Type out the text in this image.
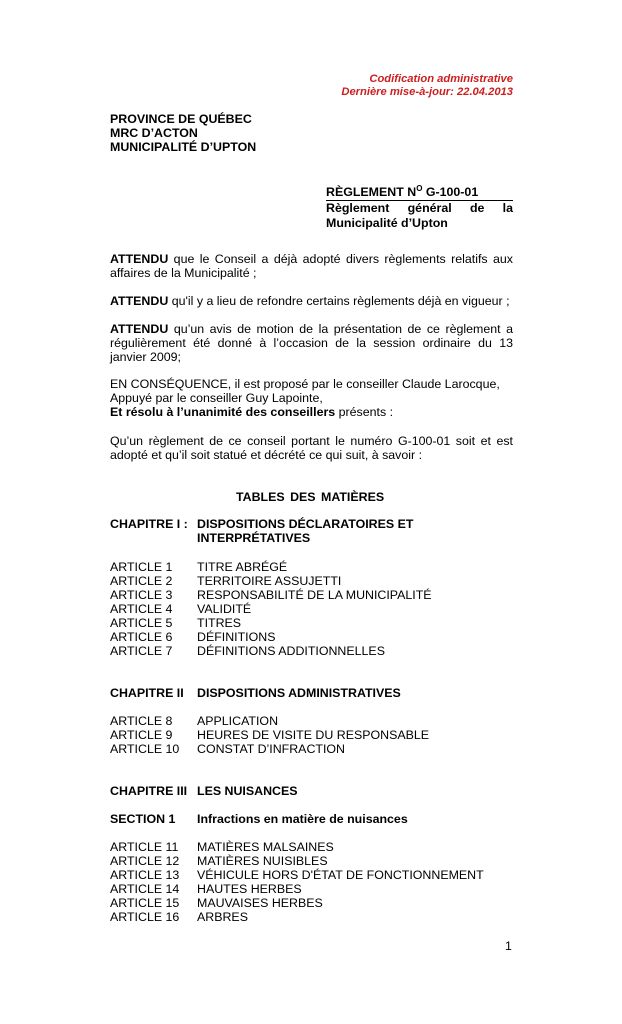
Codification administrative
Dernière mise-à-jour: 22.04.2013
PROVINCE DE QUÉBEC
MRC D’ACTON
MUNICIPALITÉ D’UPTON
RÈGLEMENT $N^O$ G-100-01
Règlement général de la
Municipalité d’Upton
ATTENDU que le Conseil a déjà adopté divers règlements relatifs aux affaires de la Municipalité ;
ATTENDU qu'il y a lieu de refondre certains règlements déjà en vigueur ;
ATTENDU qu’un avis de motion de la présentation de ce règlement a régulièrement été donné à l’occasion de la session ordinaire du 13 janvier 2009;
EN CONSÉQUENCE, il est proposé par le conseiller Claude Larocque,
Appuyé par le conseiller Guy Lapointe,
Et résolu à l’unanimité des conseillers présents :
Qu’un règlement de ce conseil portant le numéro G-100-01 soit et est adopté et qu’il soit statué et décrété ce qui suit, à savoir :
TABLES DES MATIÈRES
CHAPITRE I : DISPOSITIONS DÉCLARATOIRES ET
INTERPRÉTATIVES
ARTICLE 1 TITRE ABRÉGÉ
ARTICLE 2 TERRITOIRE ASSUJETTI
ARTICLE 3 RESPONSABILITÉ DE LA MUNICIPALITÉ
ARTICLE 4 VALIDITÉ
ARTICLE 5 TITRES
ARTICLE 6 DÉFINITIONS
ARTICLE 7 DÉFINITIONS ADDITIONNELLES
CHAPITRE II DISPOSITIONS ADMINISTRATIVES
ARTICLE 8 APPLICATION
ARTICLE 9 HEURES DE VISITE DU RESPONSABLE
ARTICLE 10 CONSTAT D’INFRACTION
CHAPITRE III LES NUISANCES
SECTION 1 Infractions en matière de nuisances
ARTICLE 11 MATIÈRES MALSAINES
ARTICLE 12 MATIÈRES NUISIBLES
ARTICLE 13 VÉHICULE HORS D'ÉTAT DE FONCTIONNEMENT
ARTICLE 14 HAUTES HERBES
ARTICLE 15 MAUVAISES HERBES
ARTICLE 16 ARBRES
1
